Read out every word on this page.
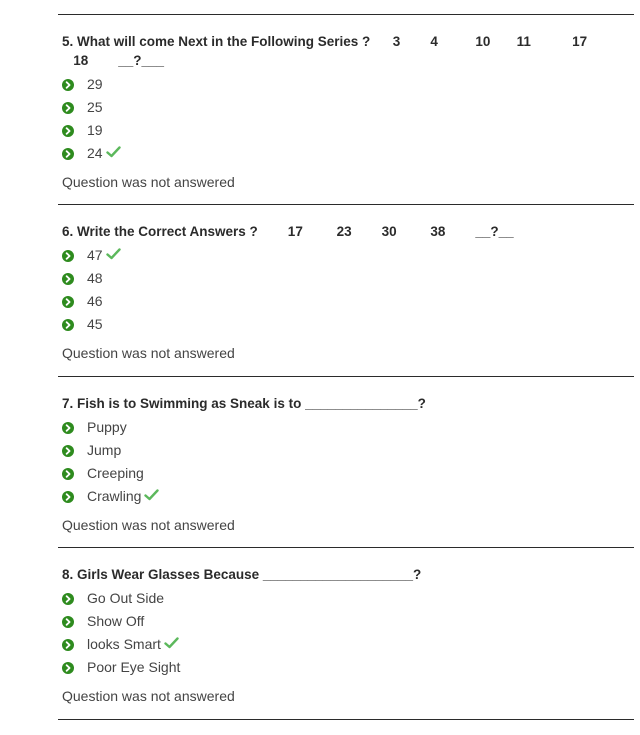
5. What will come Next in the Following Series ?      3        4          10       11           17

18        __?___

29
25
19
24
Question was not answered

6. Write the Correct Answers ?        17         23        30         38        __?__

47
48
46
45
Question was not answered

7. Fish is to Swimming as Sneak is to _______________?

Puppy
Jump
Creeping
Crawling
Question was not answered

8. Girls Wear Glasses Because ____________________?

Go Out Side
Show Off
looks Smart
Poor Eye Sight
Question was not answered
